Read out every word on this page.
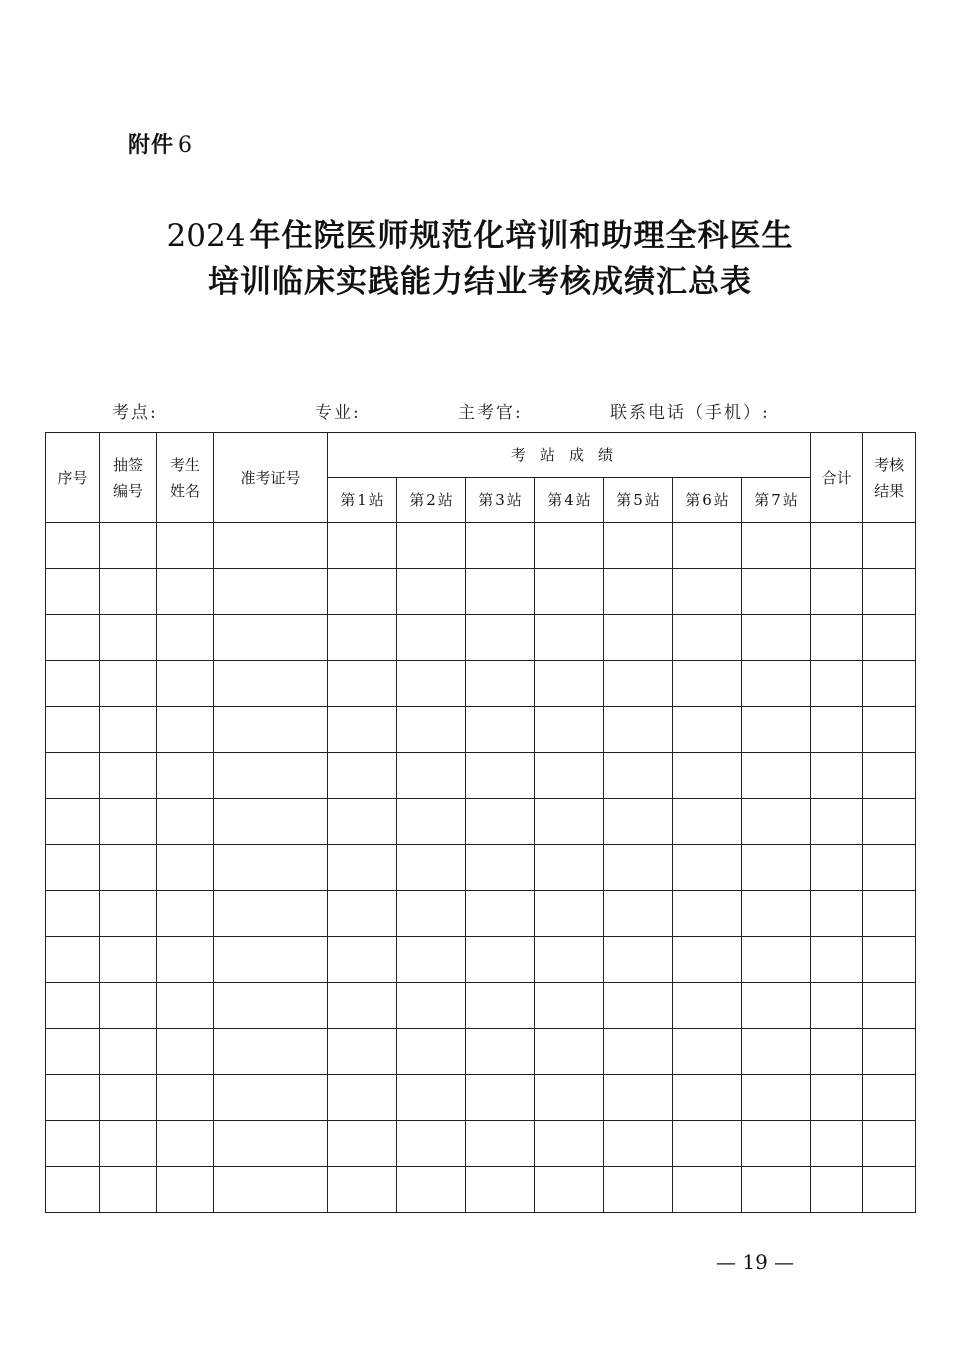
附件 6
2024 年住院医师规范化培训和助理全科医生
培训临床实践能力结业考核成绩汇总表
考点:	专业:	主考官:	联系电话（手机）:
序号	抽签编号	考生姓名	准考证号	考站成绩							合计	考核结果

				第 1 站	第 2 站	第 3 站	第 4 站	第 5 站	第 6 站	第 7 站		

— 19 —
